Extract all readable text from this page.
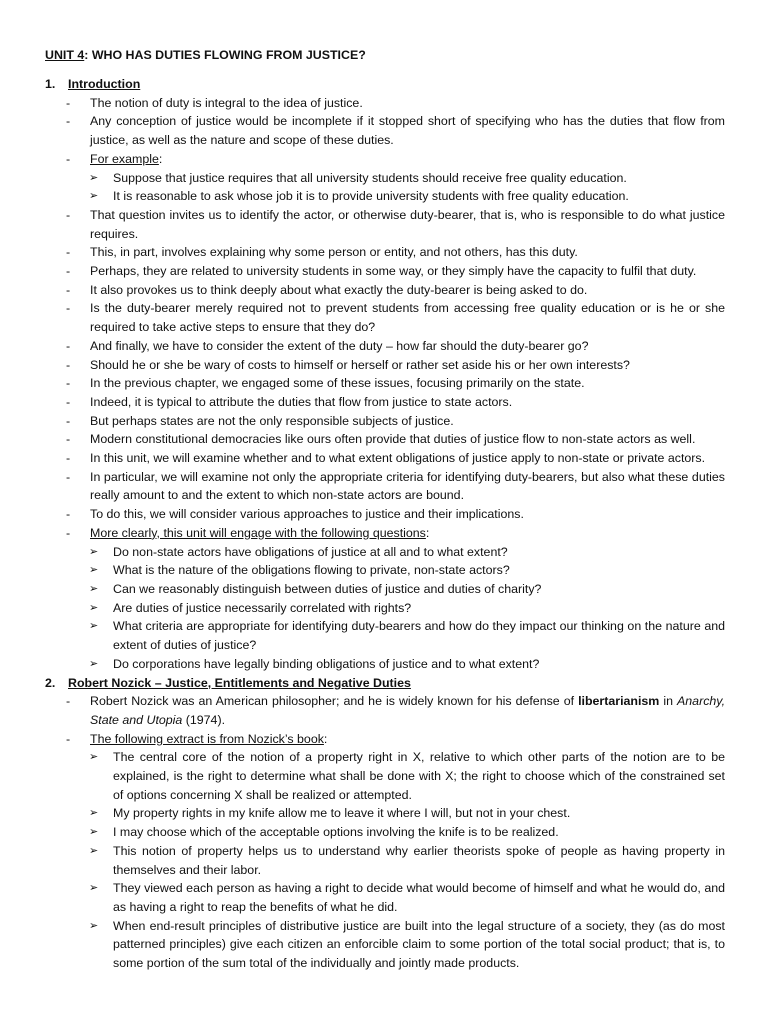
UNIT 4: WHO HAS DUTIES FLOWING FROM JUSTICE?
1. Introduction
- The notion of duty is integral to the idea of justice.
- Any conception of justice would be incomplete if it stopped short of specifying who has the duties that flow from justice, as well as the nature and scope of these duties.
- For example:
➢ Suppose that justice requires that all university students should receive free quality education.
➢ It is reasonable to ask whose job it is to provide university students with free quality education.
- That question invites us to identify the actor, or otherwise duty-bearer, that is, who is responsible to do what justice requires.
- This, in part, involves explaining why some person or entity, and not others, has this duty.
- Perhaps, they are related to university students in some way, or they simply have the capacity to fulfil that duty.
- It also provokes us to think deeply about what exactly the duty-bearer is being asked to do.
- Is the duty-bearer merely required not to prevent students from accessing free quality education or is he or she required to take active steps to ensure that they do?
- And finally, we have to consider the extent of the duty – how far should the duty-bearer go?
- Should he or she be wary of costs to himself or herself or rather set aside his or her own interests?
- In the previous chapter, we engaged some of these issues, focusing primarily on the state.
- Indeed, it is typical to attribute the duties that flow from justice to state actors.
- But perhaps states are not the only responsible subjects of justice.
- Modern constitutional democracies like ours often provide that duties of justice flow to non-state actors as well.
- In this unit, we will examine whether and to what extent obligations of justice apply to non-state or private actors.
- In particular, we will examine not only the appropriate criteria for identifying duty-bearers, but also what these duties really amount to and the extent to which non-state actors are bound.
- To do this, we will consider various approaches to justice and their implications.
- More clearly, this unit will engage with the following questions:
➢ Do non-state actors have obligations of justice at all and to what extent?
➢ What is the nature of the obligations flowing to private, non-state actors?
➢ Can we reasonably distinguish between duties of justice and duties of charity?
➢ Are duties of justice necessarily correlated with rights?
➢ What criteria are appropriate for identifying duty-bearers and how do they impact our thinking on the nature and extent of duties of justice?
➢ Do corporations have legally binding obligations of justice and to what extent?
2. Robert Nozick – Justice, Entitlements and Negative Duties
- Robert Nozick was an American philosopher; and he is widely known for his defense of libertarianism in Anarchy, State and Utopia (1974).
- The following extract is from Nozick’s book:
➢ The central core of the notion of a property right in X, relative to which other parts of the notion are to be explained, is the right to determine what shall be done with X; the right to choose which of the constrained set of options concerning X shall be realized or attempted.
➢ My property rights in my knife allow me to leave it where I will, but not in your chest.
➢ I may choose which of the acceptable options involving the knife is to be realized.
➢ This notion of property helps us to understand why earlier theorists spoke of people as having property in themselves and their labor.
➢ They viewed each person as having a right to decide what would become of himself and what he would do, and as having a right to reap the benefits of what he did.
➢ When end-result principles of distributive justice are built into the legal structure of a society, they (as do most patterned principles) give each citizen an enforcible claim to some portion of the total social product; that is, to some portion of the sum total of the individually and jointly made products.
